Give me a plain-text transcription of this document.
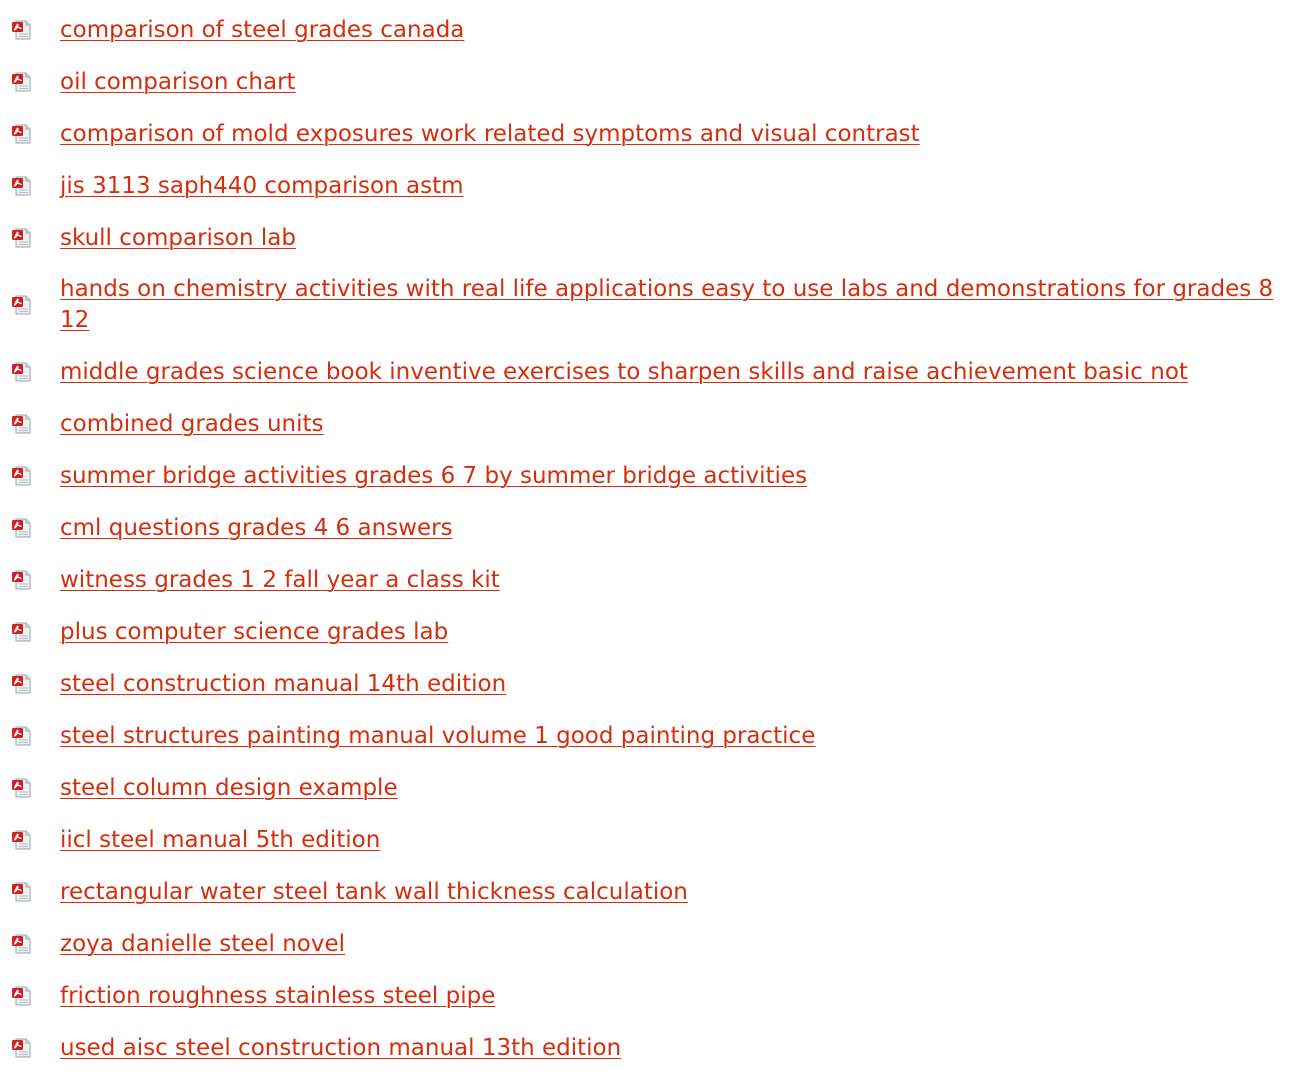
comparison of steel grades canada
oil comparison chart
comparison of mold exposures work related symptoms and visual contrast
jis 3113 saph440 comparison astm
skull comparison lab
hands on chemistry activities with real life applications easy to use labs and demonstrations for grades 8 12
middle grades science book inventive exercises to sharpen skills and raise achievement basic not
combined grades units
summer bridge activities grades 6 7 by summer bridge activities
cml questions grades 4 6 answers
witness grades 1 2 fall year a class kit
plus computer science grades lab
steel construction manual 14th edition
steel structures painting manual volume 1 good painting practice
steel column design example
iicl steel manual 5th edition
rectangular water steel tank wall thickness calculation
zoya danielle steel novel
friction roughness stainless steel pipe
used aisc steel construction manual 13th edition
